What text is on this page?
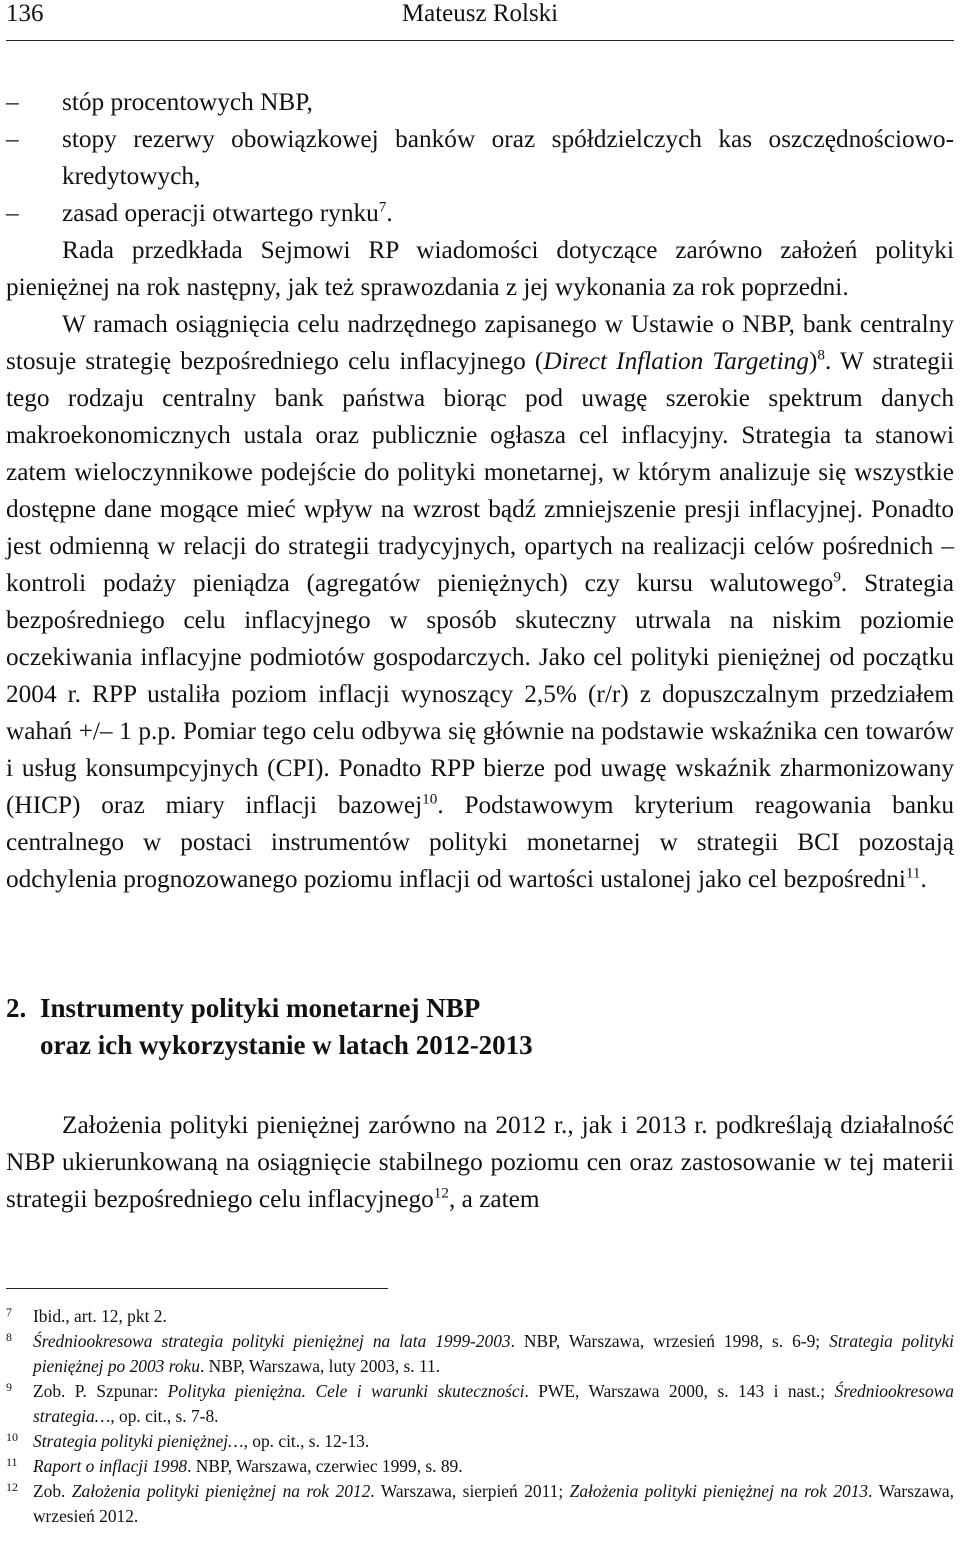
136	Mateusz Rolski
– stóp procentowych NBP,
– stopy rezerwy obowiązkowej banków oraz spółdzielczych kas oszczędnościowo-kredytowych,
– zasad operacji otwartego rynku$^7$.

Rada przedkłada Sejmowi RP wiadomości dotyczące zarówno założeń polityki pieniężnej na rok następny, jak też sprawozdania z jej wykonania za rok poprzedni.

W ramach osiągnięcia celu nadrzędnego zapisanego w Ustawie o NBP, bank centralny stosuje strategię bezpośredniego celu inflacyjnego (Direct Inflation Targeting)$^8$. W strategii tego rodzaju centralny bank państwa biorąc pod uwagę szerokie spektrum danych makroekonomicznych ustala oraz publicznie ogłasza cel inflacyjny. Strategia ta stanowi zatem wieloczynnikowe podejście do polityki monetarnej, w którym analizuje się wszystkie dostępne dane mogące mieć wpływ na wzrost bądź zmniejszenie presji inflacyjnej. Ponadto jest odmienną w relacji do strategii tradycyjnych, opartych na realizacji celów pośrednich – kontroli podaży pieniądza (agregatów pieniężnych) czy kursu walutowego$^9$. Strategia bezpośredniego celu inflacyjnego w sposób skuteczny utrwala na niskim poziomie oczekiwania inflacyjne podmiotów gospodarczych. Jako cel polityki pieniężnej od początku 2004 r. RPP ustaliła poziom inflacji wynoszący 2,5% (r/r) z dopuszczalnym przedziałem wahań +/– 1 p.p. Pomiar tego celu odbywa się głównie na podstawie wskaźnika cen towarów i usług konsumpcyjnych (CPI). Ponadto RPP bierze pod uwagę wskaźnik zharmonizowany (HICP) oraz miary inflacji bazowej$^{10}$. Podstawowym kryterium reagowania banku centralnego w postaci instrumentów polityki monetarnej w strategii BCI pozostają odchylenia prognozowanego poziomu inflacji od wartości ustalonej jako cel bezpośredni$^{11}$.

2. Instrumenty polityki monetarnej NBP
oraz ich wykorzystanie w latach 2012-2013

Założenia polityki pieniężnej zarówno na 2012 r., jak i 2013 r. podkreślają działalność NBP ukierunkowaną na osiągnięcie stabilnego poziomu cen oraz zastosowanie w tej materii strategii bezpośredniego celu inflacyjnego$^{12}$, a zatem

7 Ibid., art. 12, pkt 2.
8 Średniookresowa strategia polityki pieniężnej na lata 1999-2003. NBP, Warszawa, wrzesień 1998, s. 6-9; Strategia polityki pieniężnej po 2003 roku. NBP, Warszawa, luty 2003, s. 11.
9 Zob. P. Szpunar: Polityka pieniężna. Cele i warunki skuteczności. PWE, Warszawa 2000, s. 143 i nast.; Średniookresowa strategia…, op. cit., s. 7-8.
10 Strategia polityki pieniężnej…, op. cit., s. 12-13.
11 Raport o inflacji 1998. NBP, Warszawa, czerwiec 1999, s. 89.
12 Zob. Założenia polityki pieniężnej na rok 2012. Warszawa, sierpień 2011; Założenia polityki pieniężnej na rok 2013. Warszawa, wrzesień 2012.
